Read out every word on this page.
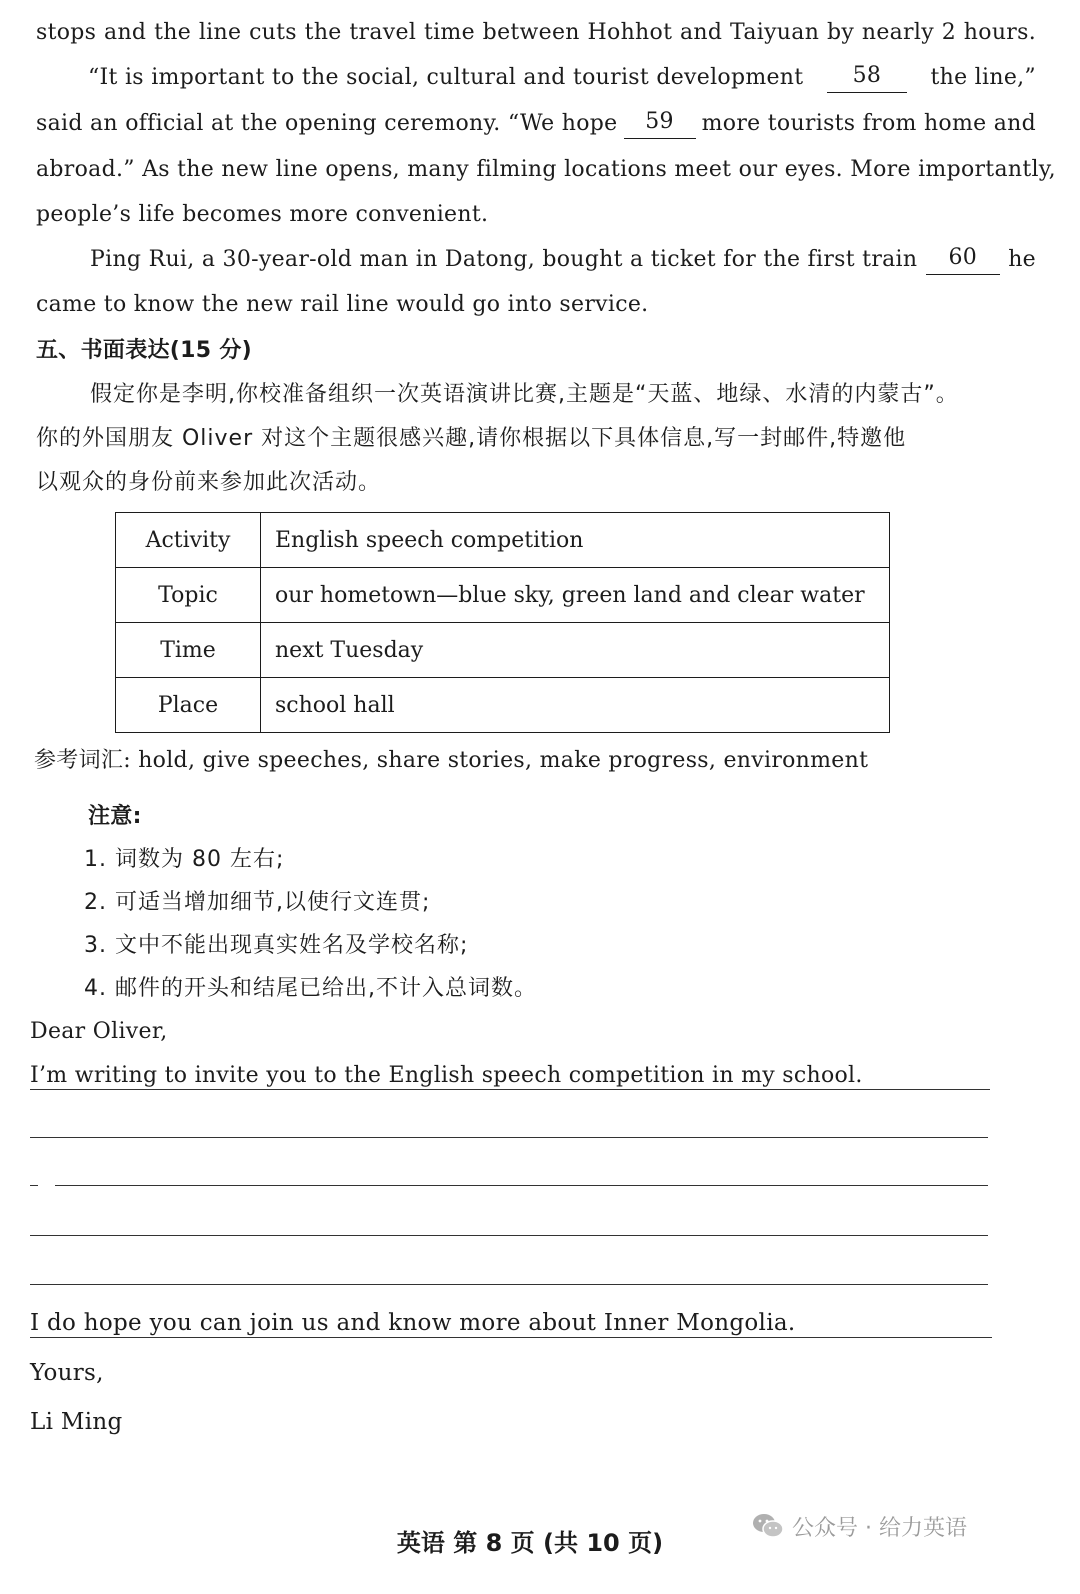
stops and the line cuts the travel time between Hohhot and Taiyuan by nearly 2 hours.
“It is important to the social, cultural and tourist development	58	the line,”
said an official at the opening ceremony. “We hope	59	more tourists from home and
abroad.” As the new line opens, many filming locations meet our eyes. More importantly,
people’s life becomes more convenient.
Ping Rui, a 30-year-old man in Datong, bought a ticket for the first train	60	he
came to know the new rail line would go into service.
五、书面表达(15 分)
假定你是李明,你校准备组织一次英语演讲比赛,主题是“天蓝、地绿、水清的内蒙古”。
你的外国朋友 Oliver 对这个主题很感兴趣,请你根据以下具体信息,写一封邮件,特邀他
以观众的身份前来参加此次活动。
Activity	English speech competition
Topic	our hometown—blue sky, green land and clear water
Time	next Tuesday
Place	school hall
参考词汇: hold, give speeches, share stories, make progress, environment
注意:
1. 词数为 80 左右;
2. 可适当增加细节,以使行文连贯;
3. 文中不能出现真实姓名及学校名称;
4. 邮件的开头和结尾已给出,不计入总词数。
Dear Oliver,
I’m writing to invite you to the English speech competition in my school.
I do hope you can join us and know more about Inner Mongolia.
Yours,
Li Ming
英语 第 8 页 (共 10 页)
公众号 · 给力英语
